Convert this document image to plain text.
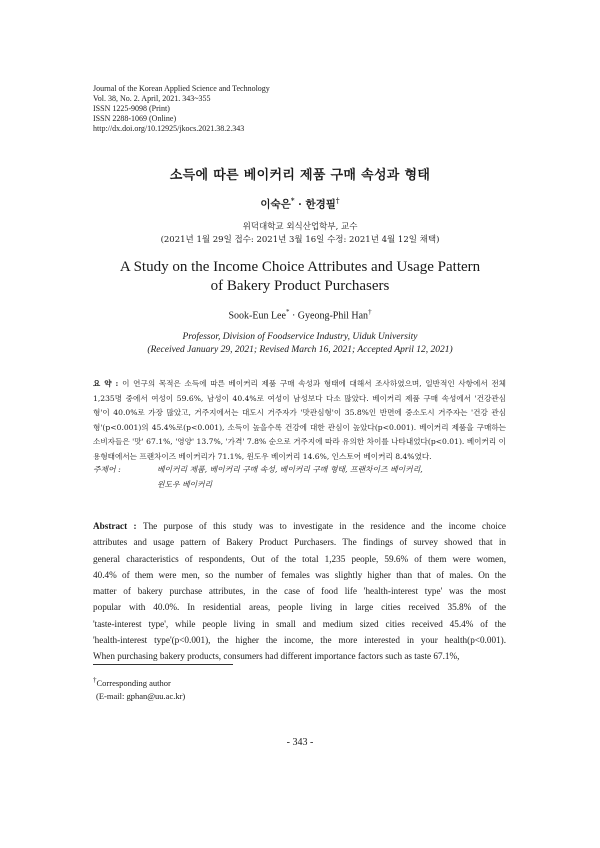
Journal of the Korean Applied Science and Technology
Vol. 38, No. 2. April, 2021. 343~355
ISSN 1225-9098 (Print)
ISSN 2288-1069 (Online)
http://dx.doi.org/10.12925/jkocs.2021.38.2.343
소득에 따른 베이커리 제품 구매 속성과 형태
이숙은* · 한경필†
위덕대학교 외식산업학부, 교수
(2021년 1월 29일 접수: 2021년 3월 16일 수정: 2021년 4월 12일 채택)
A Study on the Income Choice Attributes and Usage Pattern
of Bakery Product Purchasers
Sook-Eun Lee* · Gyeong-Phil Han†
Professor, Division of Foodservice Industry, Uiduk University
(Received January 29, 2021; Revised March 16, 2021; Accepted April 12, 2021)
요 약 : 이 연구의 목적은 소득에 따른 베이커리 제품 구매 속성과 형태에 대해서 조사하였으며, 일반적인 사항에서 전체 1,235명 중에서 여성이 59.6%, 남성이 40.4%로 여성이 남성보다 다소 많았다. 베이커리 제품 구매 속성에서 '건강관심형'이 40.0%로 가장 많았고, 거주지에서는 대도시 거주자가 '맛관심형'이 35.8%인 반면에 중소도시 거주자는 '건강 관심형'(p<0.001)의 45.4%로(p<0.001), 소득이 높을수록 건강에 대한 관심이 높았다(p<0.001). 베이커리 제품을 구매하는 소비자들은 '맛' 67.1%, '영양' 13.7%, '가격' 7.8% 순으로 거주지에 따라 유의한 차이를 나타내었다(p<0.01). 베이커리 이용형태에서는 프랜차이즈 베이커리가 71.1%, 윈도우 베이커리 14.6%, 인스토어 베이커리 8.4%였다.
주제어 :	베이커리 제품, 베이커리 구매 속성, 베이커리 구매 형태, 프랜차이즈 베이커리,
윈도우 베이커리
Abstract : The purpose of this study was to investigate in the residence and the income choice
attributes and usage pattern of Bakery Product Purchasers. The findings of survey showed that in
general characteristics of respondents, Out of the total 1,235 people, 59.6% of them were women,
40.4% of them were men, so the number of females was slightly higher than that of males. On the
matter of bakery purchase attributes, in the case of food life 'health-interest type' was the most
popular with 40.0%. In residential areas, people living in large cities received 35.8% of the
'taste-interest type', while people living in small and medium sized cities received 45.4% of the
'health-interest type'(p<0.001), the higher the income, the more interested in your health(p<0.001).
When purchasing bakery products, consumers had different importance factors such as taste 67.1%,
†Corresponding author
(E-mail: gphan@uu.ac.kr)
- 343 -
